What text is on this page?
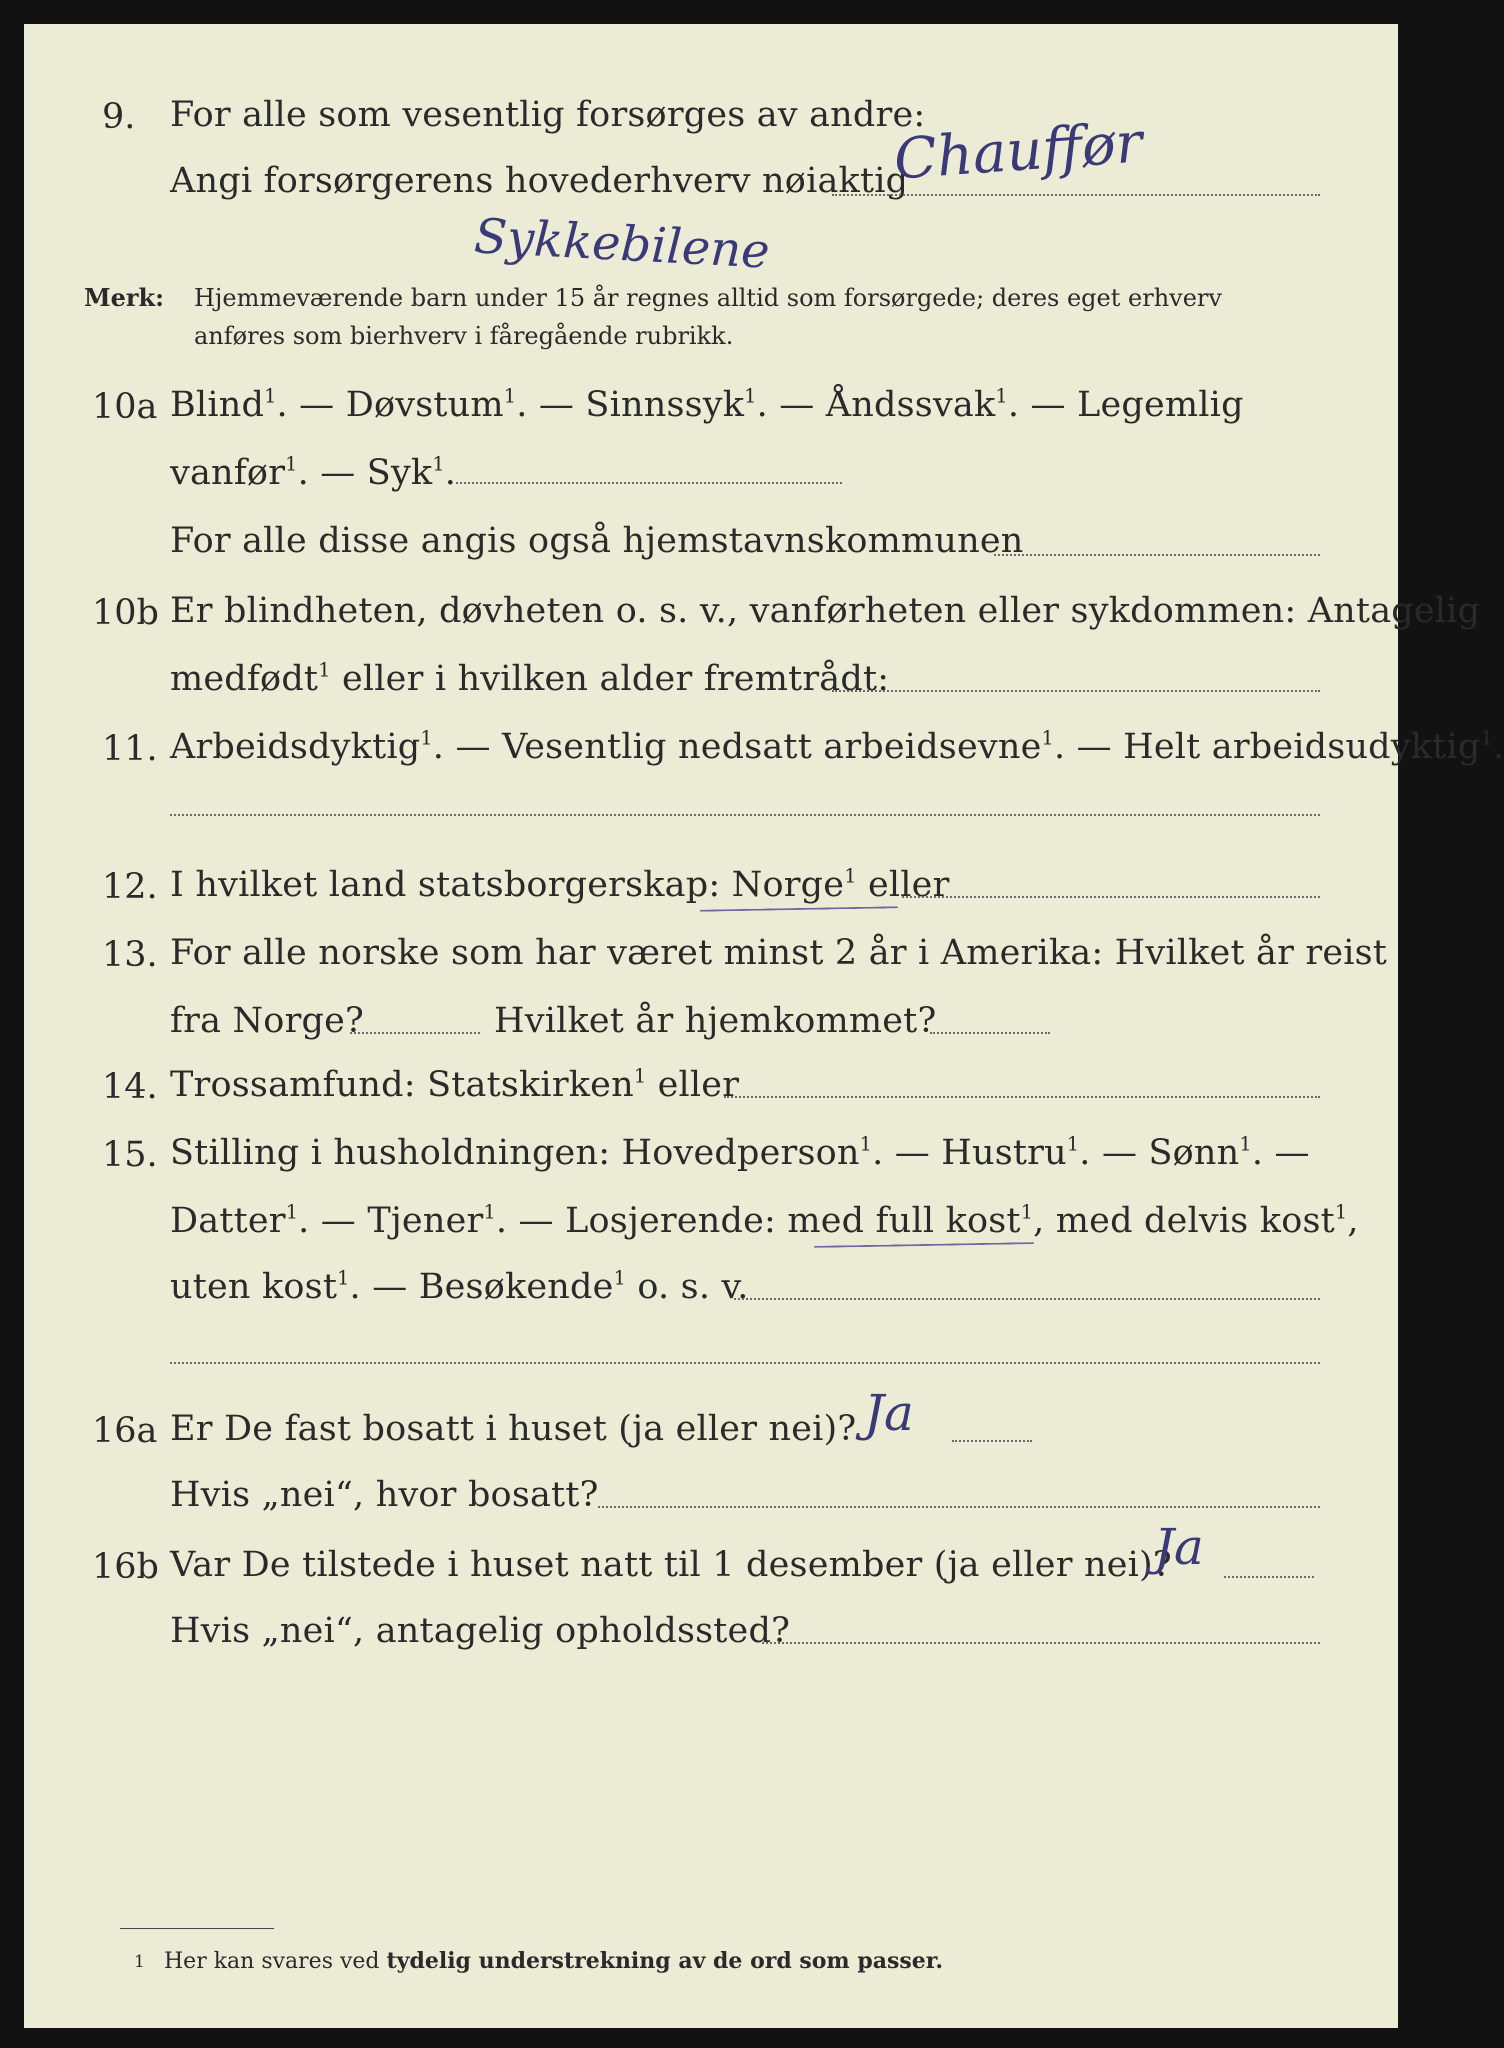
9. For alle som vesentlig forsørges av andre:
Angi forsørgerens hovederhverv nøiaktig
Chauffør
Sykkebilene
Merk: Hjemmeværende barn under 15 år regnes alltid som forsørgede; deres eget erhverv
anføres som bierhverv i fåregående rubrikk.
10a Blind$^1$. — Døvstum$^1$. — Sinnssyk$^1$. — Åndssvak$^1$. — Legemlig
vanfør$^1$. — Syk$^1$.
For alle disse angis også hjemstavnskommunen
10b Er blindheten, døvheten o. s. v., vanførheten eller sykdommen: Antagelig
medfødt$^1$ eller i hvilken alder fremtrådt:
11. Arbeidsdyktig$^1$. — Vesentlig nedsatt arbeidsevne$^1$. — Helt arbeidsudyktig$^1$.
12. I hvilket land statsborgerskap: Norge$^1$ eller
13. For alle norske som har været minst 2 år i Amerika: Hvilket år reist
fra Norge?	Hvilket år hjemkommet?
14. Trossamfund: Statskirken$^1$ eller
15. Stilling i husholdningen: Hovedperson$^1$. — Hustru$^1$. — Sønn$^1$. —
Datter$^1$. — Tjener$^1$. — Losjerende: med full kost$^1$, med delvis kost$^1$,
uten kost$^1$. — Besøkende$^1$ o. s. v.
16a Er De fast bosatt i huset (ja eller nei)? Ja
Hvis „nei“, hvor bosatt?
16b Var De tilstede i huset natt til 1 desember (ja eller nei)?
Ja
Hvis „nei“, antagelig opholdssted?
1 Her kan svares ved tydelig understrekning av de ord som passer.
